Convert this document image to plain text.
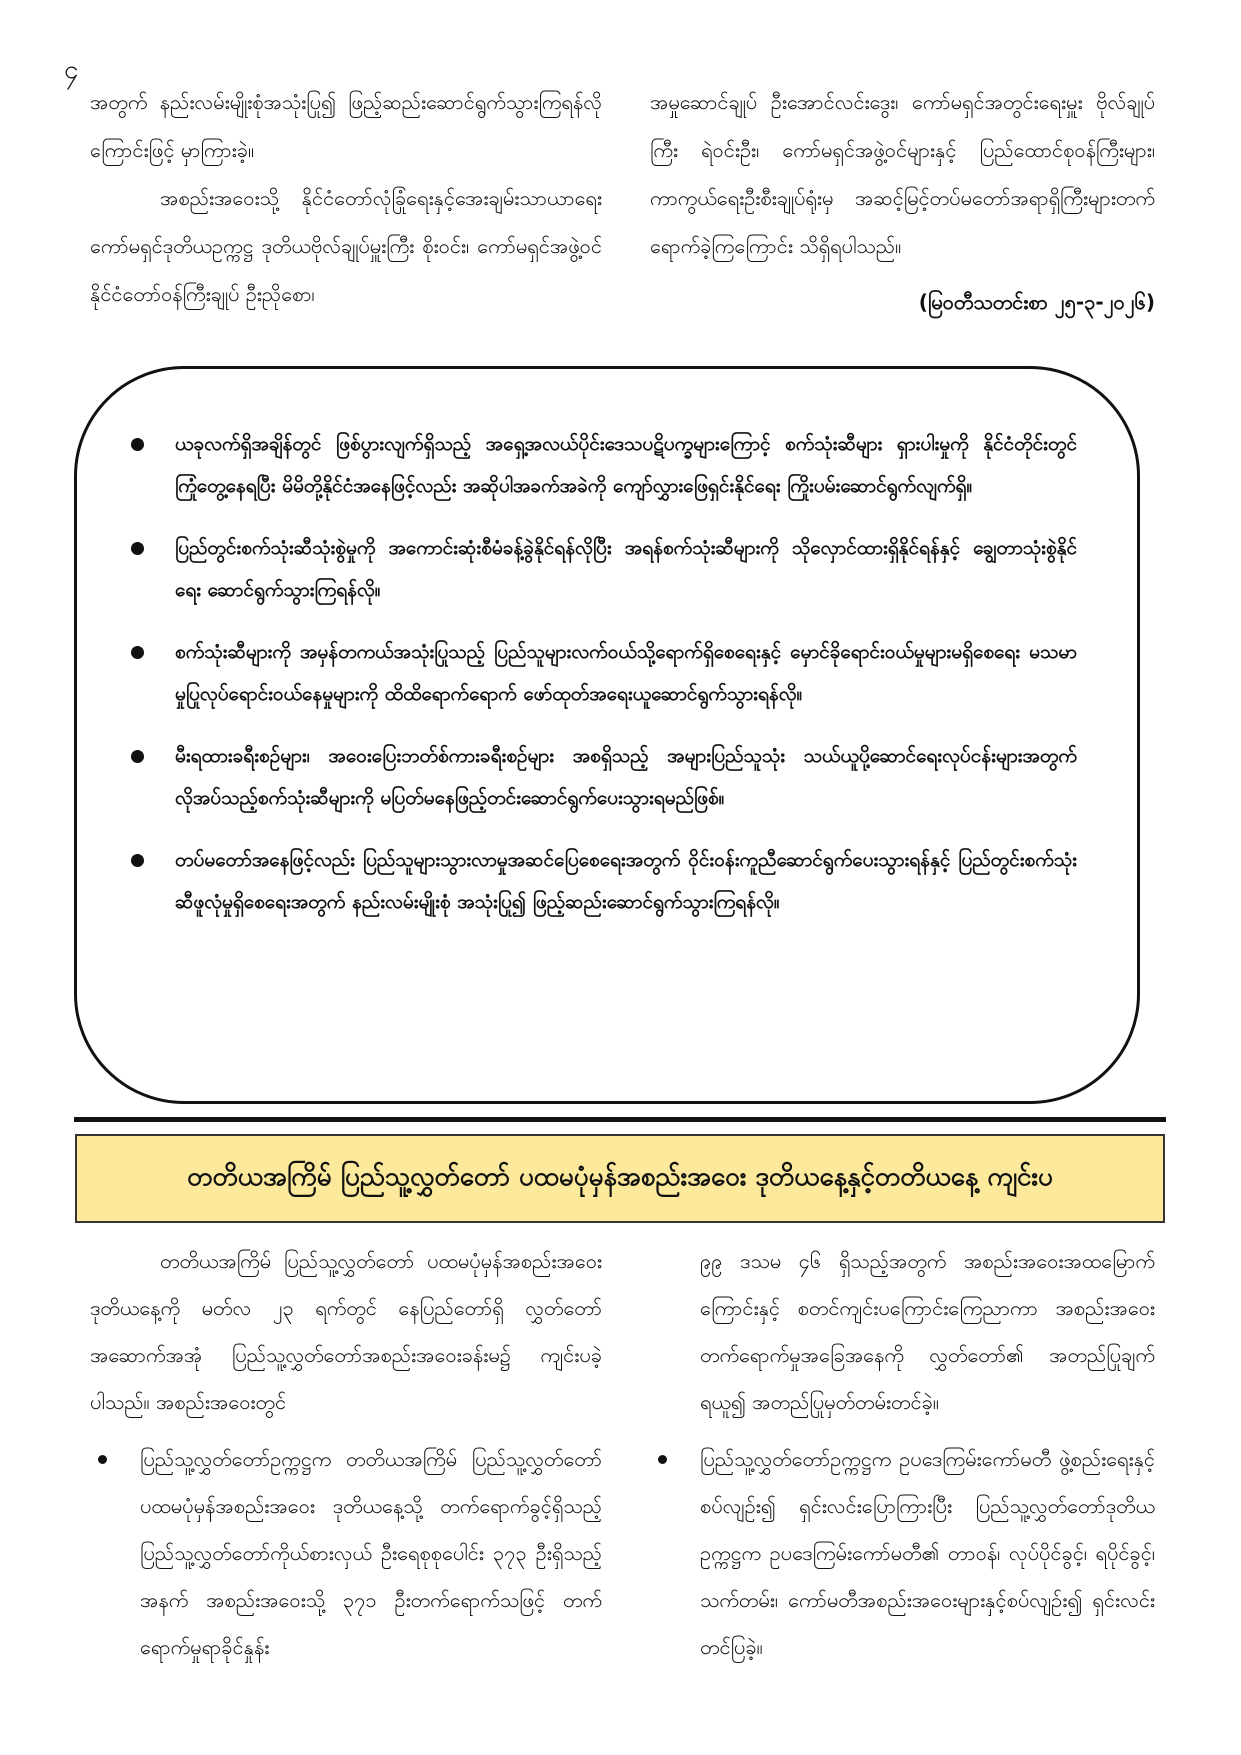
၄

အတွက် နည်းလမ်းမျိုးစုံအသုံးပြု၍ ဖြည့်ဆည်းဆောင်ရွက်သွားကြရန်လိုကြောင်းဖြင့် မှာကြားခဲ့။

အစည်းအဝေးသို့ နိုင်ငံတော်လုံခြုံရေးနှင့်အေးချမ်းသာယာရေးကော်မရှင်ဒုတိယဥက္ကဋ္ဌ ဒုတိယဗိုလ်ချုပ်မှူးကြီး စိုးဝင်း၊ ကော်မရှင်အဖွဲ့ဝင် နိုင်ငံတော်ဝန်ကြီးချုပ် ဦးညိုစော၊

အမှုဆောင်ချုပ် ဦးအောင်လင်းဒွေး၊ ကော်မရှင်အတွင်းရေးမှူး ဗိုလ်ချုပ်ကြီး ရဲဝင်းဦး၊ ကော်မရှင်အဖွဲ့ဝင်များနှင့် ပြည်ထောင်စုဝန်ကြီးများ၊ ကာကွယ်ရေးဦးစီးချုပ်ရုံးမှ အဆင့်မြင့်တပ်မတော်အရာရှိကြီးများတက်ရောက်ခဲ့ကြကြောင်း သိရှိရပါသည်။

(မြဝတီသတင်းစာ ၂၅-၃-၂၀၂၆)

ယခုလက်ရှိအချိန်တွင် ဖြစ်ပွားလျက်ရှိသည့် အရှေ့အလယ်ပိုင်းဒေသပဋိပက္ခများကြောင့် စက်သုံးဆီများ ရှားပါးမှုကို နိုင်ငံတိုင်းတွင်ကြုံတွေ့နေရပြီး မိမိတို့နိုင်ငံအနေဖြင့်လည်း အဆိုပါအခက်အခဲကို ကျော်လွှားဖြေရှင်းနိုင်ရေး ကြိုးပမ်းဆောင်ရွက်လျက်ရှိ။
ပြည်တွင်းစက်သုံးဆီသုံးစွဲမှုကို အကောင်းဆုံးစီမံခန့်ခွဲနိုင်ရန်လိုပြီး အရန်စက်သုံးဆီများကို သိုလှောင်ထားရှိနိုင်ရန်နှင့် ချွေတာသုံးစွဲနိုင်ရေး ဆောင်ရွက်သွားကြရန်လို။
စက်သုံးဆီများကို အမှန်တကယ်အသုံးပြုသည့် ပြည်သူများလက်ဝယ်သို့ရောက်ရှိစေရေးနှင့် မှောင်ခိုရောင်းဝယ်မှုများမရှိစေရေး မသမာမှုပြုလုပ်ရောင်းဝယ်နေမှုများကို ထိထိရောက်ရောက် ဖော်ထုတ်အရေးယူဆောင်ရွက်သွားရန်လို။
မီးရထားခရီးစဉ်များ၊ အဝေးပြေးဘတ်စ်ကားခရီးစဉ်များ အစရှိသည့် အများပြည်သူသုံး သယ်ယူပို့ဆောင်ရေးလုပ်ငန်းများအတွက် လိုအပ်သည့်စက်သုံးဆီများကို မပြတ်မနေဖြည့်တင်းဆောင်ရွက်ပေးသွားရမည်ဖြစ်။
တပ်မတော်အနေဖြင့်လည်း ပြည်သူများသွားလာမှုအဆင်ပြေစေရေးအတွက် ဝိုင်းဝန်းကူညီဆောင်ရွက်ပေးသွားရန်နှင့် ပြည်တွင်းစက်သုံးဆီဖူလုံမှုရှိစေရေးအတွက် နည်းလမ်းမျိုးစုံ အသုံးပြု၍ ဖြည့်ဆည်းဆောင်ရွက်သွားကြရန်လို။
တတိယအကြိမ် ပြည်သူ့လွှတ်တော် ပထမပုံမှန်အစည်းအဝေး ဒုတိယနေ့နှင့်တတိယနေ့ ကျင်းပ

တတိယအကြိမ် ပြည်သူ့လွှတ်တော် ပထမပုံမှန်အစည်းအဝေး ဒုတိယနေ့ကို မတ်လ ၂၃ ရက်တွင် နေပြည်တော်ရှိ လွှတ်တော်အဆောက်အအုံ ပြည်သူ့လွှတ်တော်အစည်းအဝေးခန်းမ၌ ကျင်းပခဲ့ပါသည်။ အစည်းအဝေးတွင်

ပြည်သူ့လွှတ်တော်ဥက္ကဋ္ဌက တတိယအကြိမ် ပြည်သူ့လွှတ်တော် ပထမပုံမှန်အစည်းအဝေး ဒုတိယနေ့သို့ တက်ရောက်ခွင့်ရှိသည့် ပြည်သူ့လွှတ်တော်ကိုယ်စားလှယ် ဦးရေစုစုပေါင်း ၃၇၃ ဦးရှိသည့်အနက် အစည်းအဝေးသို့ ၃၇၁ ဦးတက်ရောက်သဖြင့် တက်ရောက်မှုရာခိုင်နှုန်း

၉၉ ဒသမ ၄၆ ရှိသည့်အတွက် အစည်းအဝေးအထမြောက်ကြောင်းနှင့် စတင်ကျင်းပကြောင်းကြေညာကာ အစည်းအဝေးတက်ရောက်မှုအခြေအနေကို လွှတ်တော်၏ အတည်ပြုချက်ရယူ၍ အတည်ပြုမှတ်တမ်းတင်ခဲ့။

ပြည်သူ့လွှတ်တော်ဥက္ကဋ္ဌက ဥပဒေကြမ်းကော်မတီ ဖွဲ့စည်းရေးနှင့်စပ်လျဉ်း၍ ရှင်းလင်းပြောကြားပြီး ပြည်သူ့လွှတ်တော်ဒုတိယဥက္ကဋ္ဌက ဥပဒေကြမ်းကော်မတီ၏ တာဝန်၊ လုပ်ပိုင်ခွင့်၊ ရပိုင်ခွင့်၊ သက်တမ်း၊ ကော်မတီအစည်းအဝေးများနှင့်စပ်လျဉ်း၍ ရှင်းလင်းတင်ပြခဲ့။
